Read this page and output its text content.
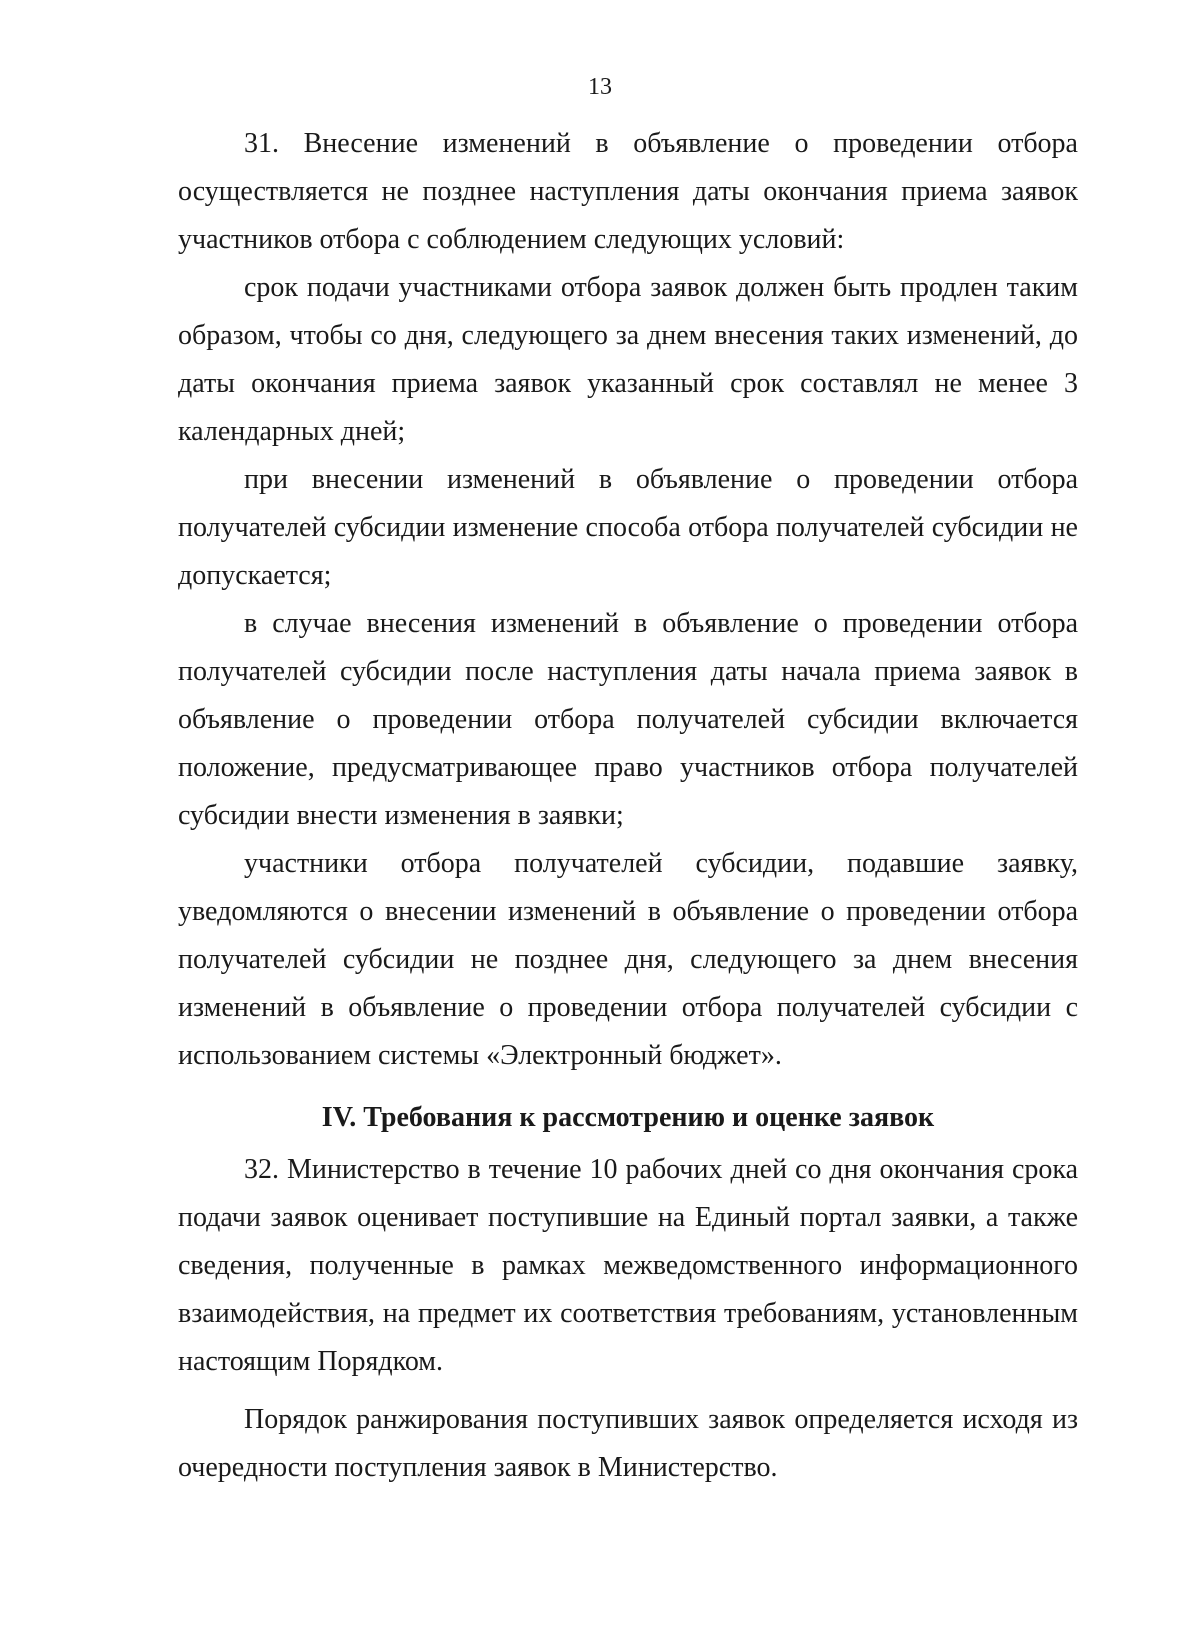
13

31. Внесение изменений в объявление о проведении отбора осуществляется не позднее наступления даты окончания приема заявок участников отбора с соблюдением следующих условий:

срок подачи участниками отбора заявок должен быть продлен таким образом, чтобы со дня, следующего за днем внесения таких изменений, до даты окончания приема заявок указанный срок составлял не менее 3 календарных дней;

при внесении изменений в объявление о проведении отбора получателей субсидии изменение способа отбора получателей субсидии не допускается;

в случае внесения изменений в объявление о проведении отбора получателей субсидии после наступления даты начала приема заявок в объявление о проведении отбора получателей субсидии включается положение, предусматривающее право участников отбора получателей субсидии внести изменения в заявки;

участники отбора получателей субсидии, подавшие заявку, уведомляются о внесении изменений в объявление о проведении отбора получателей субсидии не позднее дня, следующего за днем внесения изменений в объявление о проведении отбора получателей субсидии с использованием системы «Электронный бюджет».

IV. Требования к рассмотрению и оценке заявок

32. Министерство в течение 10 рабочих дней со дня окончания срока подачи заявок оценивает поступившие на Единый портал заявки, а также сведения, полученные в рамках межведомственного информационного взаимодействия, на предмет их соответствия требованиям, установленным настоящим Порядком.

Порядок ранжирования поступивших заявок определяется исходя из очередности поступления заявок в Министерство.
